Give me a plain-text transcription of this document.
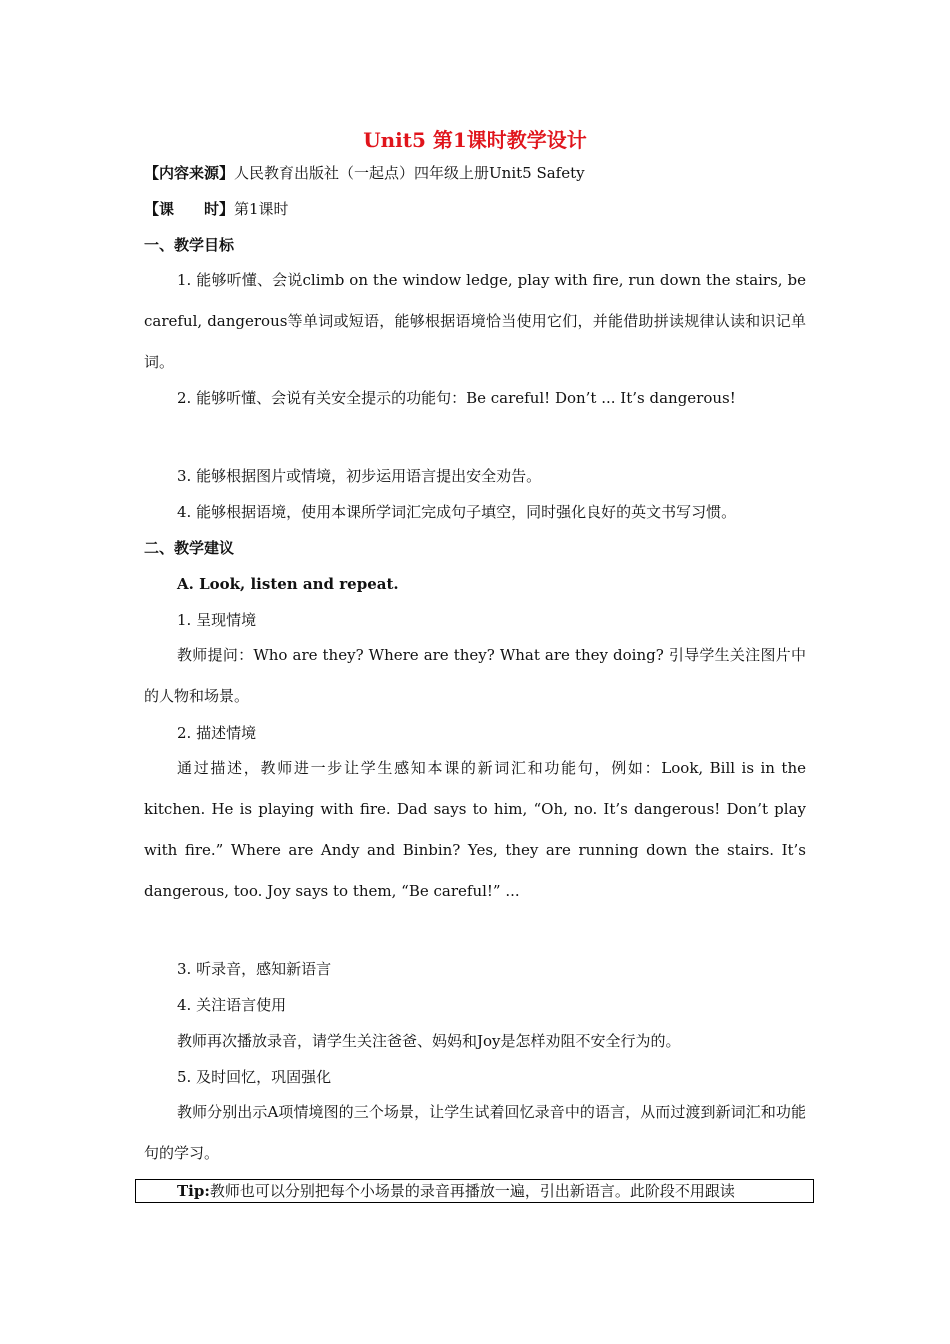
Unit5 第1课时教学设计
【内容来源】人民教育出版社（一起点）四年级上册Unit5 Safety
【课　　时】第1课时
一、教学目标
1. 能够听懂、会说climb on the window ledge, play with fire, run down the stairs, be careful, dangerous等单词或短语，能够根据语境恰当使用它们，并能借助拼读规律认读和识记单词。
2. 能够听懂、会说有关安全提示的功能句：Be careful! Don’t ... It’s dangerous!
3. 能够根据图片或情境，初步运用语言提出安全劝告。
4. 能够根据语境，使用本课所学词汇完成句子填空，同时强化良好的英文书写习惯。
二、教学建议
A. Look, listen and repeat.
1. 呈现情境
教师提问：Who are they? Where are they? What are they doing? 引导学生关注图片中的人物和场景。
2. 描述情境
通过描述，教师进一步让学生感知本课的新词汇和功能句，例如：Look, Bill is in the kitchen. He is playing with fire. Dad says to him, “Oh, no. It’s dangerous! Don’t play with fire.” Where are Andy and Binbin? Yes, they are running down the stairs. It’s dangerous, too. Joy says to them, “Be careful!” ...
3. 听录音，感知新语言
4. 关注语言使用
教师再次播放录音，请学生关注爸爸、妈妈和Joy是怎样劝阻不安全行为的。
5. 及时回忆，巩固强化
教师分别出示A项情境图的三个场景，让学生试着回忆录音中的语言，从而过渡到新词汇和功能句的学习。
Tip:教师也可以分别把每个小场景的录音再播放一遍，引出新语言。此阶段不用跟读
